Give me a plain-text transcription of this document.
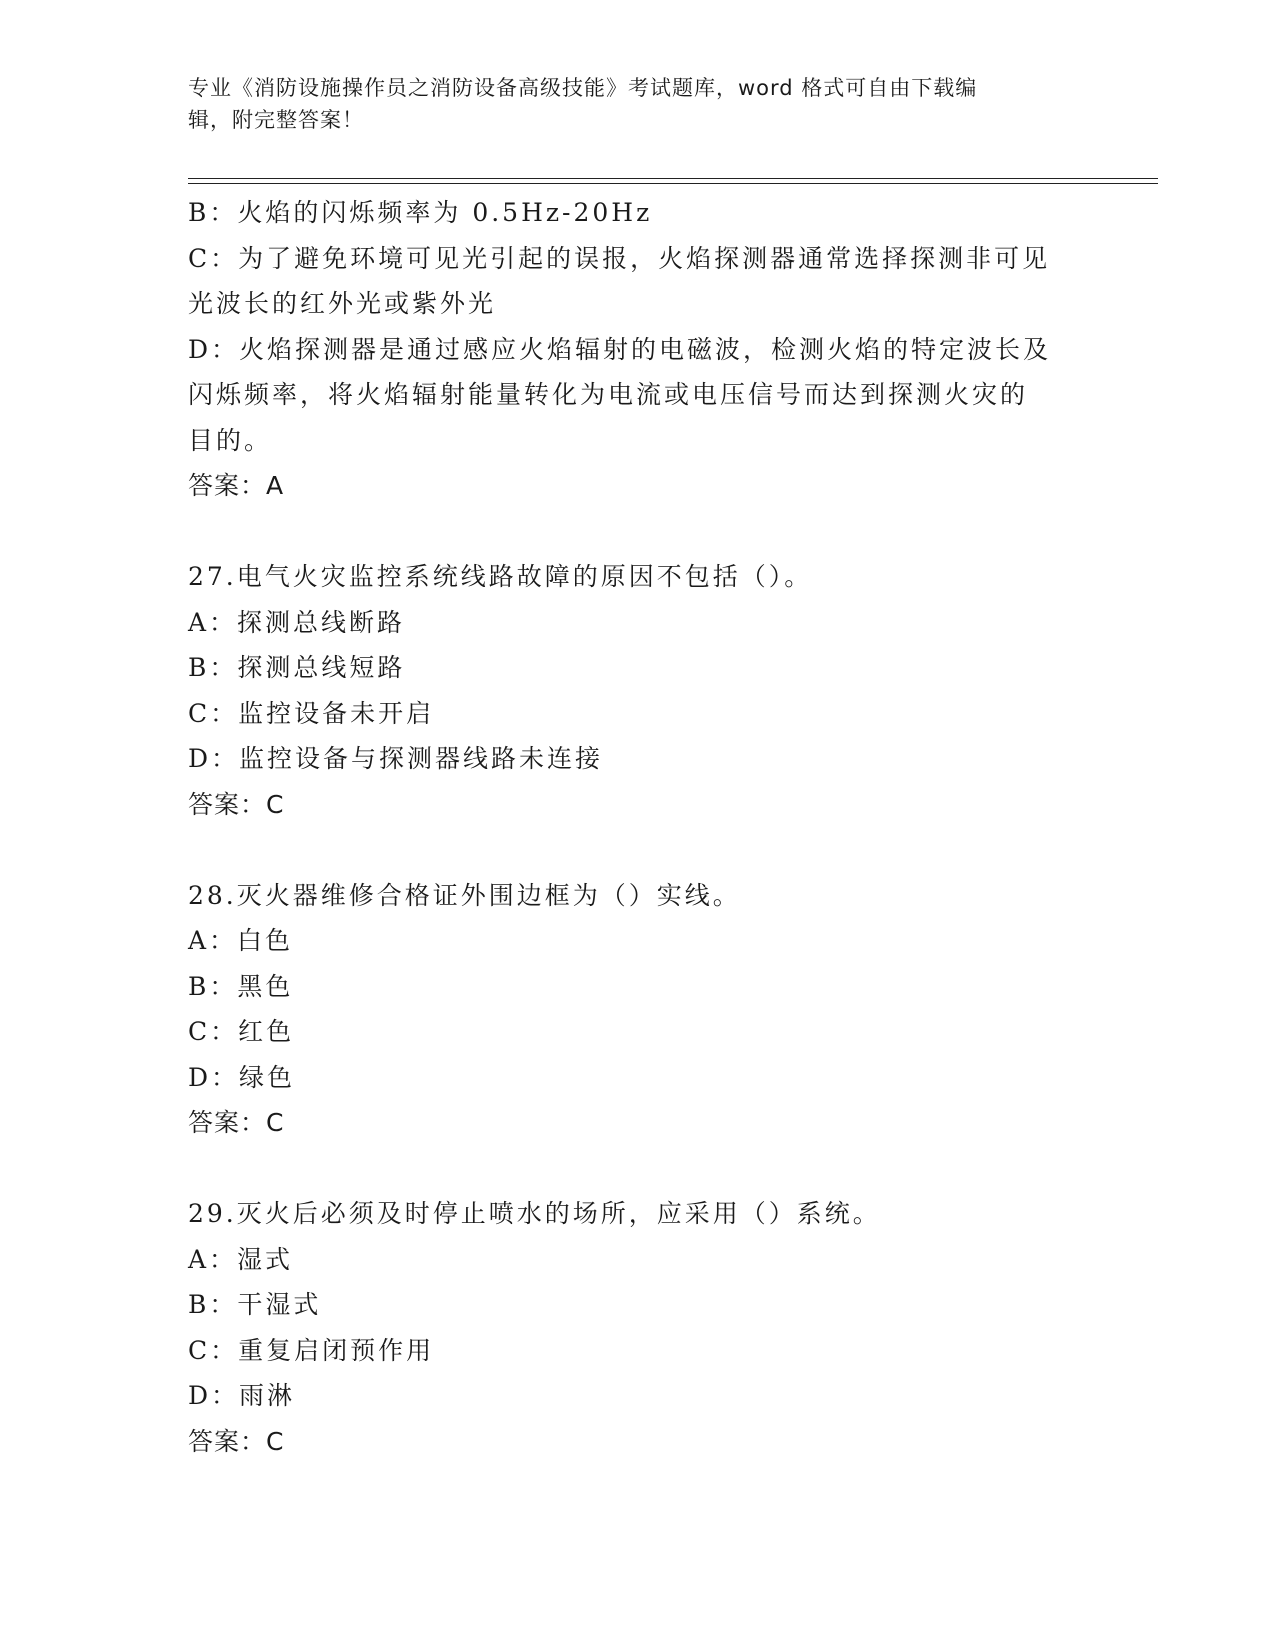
专业《消防设施操作员之消防设备高级技能》考试题库，word 格式可自由下载编
辑，附完整答案！
B：火焰的闪烁频率为 0.5Hz-20Hz
C：为了避免环境可见光引起的误报，火焰探测器通常选择探测非可见
光波长的红外光或紫外光
D：火焰探测器是通过感应火焰辐射的电磁波，检测火焰的特定波长及
闪烁频率，将火焰辐射能量转化为电流或电压信号而达到探测火灾的
目的。
答案：A
27.电气火灾监控系统线路故障的原因不包括（）。
A：探测总线断路
B：探测总线短路
C：监控设备未开启
D：监控设备与探测器线路未连接
答案：C
28.灭火器维修合格证外围边框为（）实线。
A：白色
B：黑色
C：红色
D：绿色
答案：C
29.灭火后必须及时停止喷水的场所，应采用（）系统。
A：湿式
B：干湿式
C：重复启闭预作用
D：雨淋
答案：C
